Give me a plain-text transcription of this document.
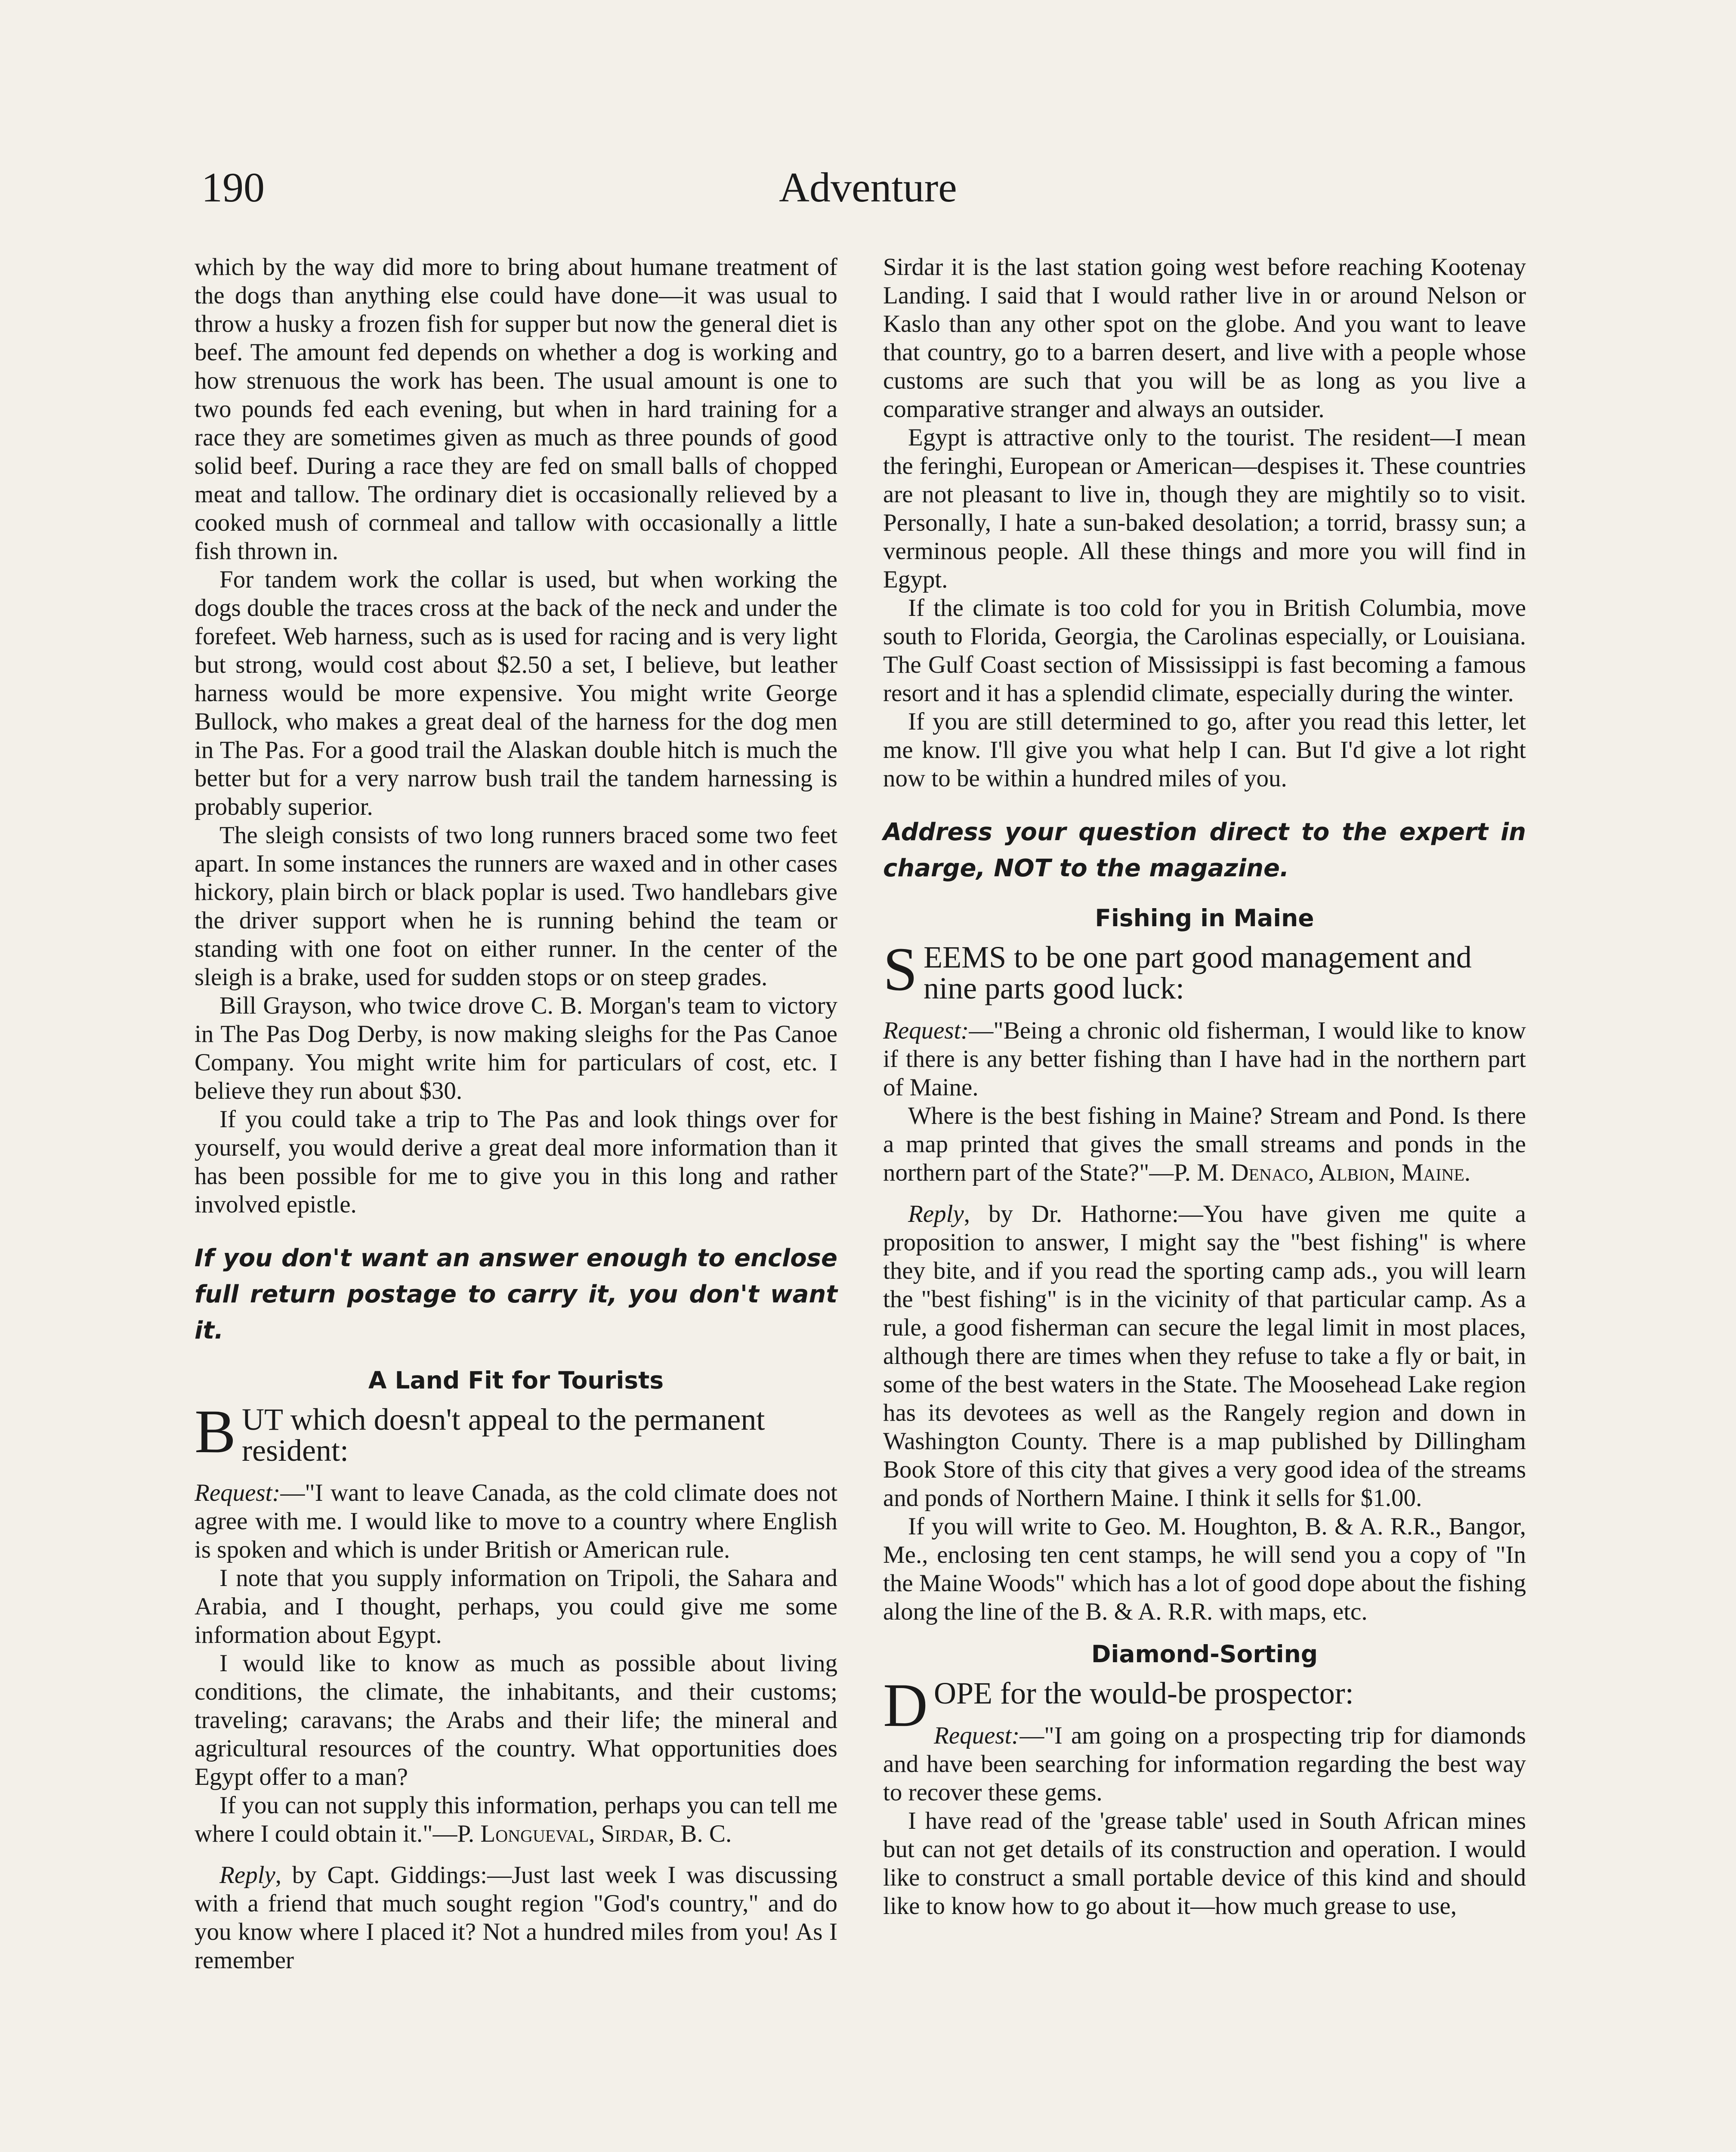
190	Adventure

which by the way did more to bring about humane treatment of the dogs than anything else could have done—it was usual to throw a husky a frozen fish for supper but now the general diet is beef. The amount fed depends on whether a dog is working and how strenuous the work has been. The usual amount is one to two pounds fed each evening, but when in hard training for a race they are sometimes given as much as three pounds of good solid beef. During a race they are fed on small balls of chopped meat and tallow. The ordinary diet is occasionally relieved by a cooked mush of cornmeal and tallow with occasionally a little fish thrown in.

For tandem work the collar is used, but when working the dogs double the traces cross at the back of the neck and under the forefeet. Web harness, such as is used for racing and is very light but strong, would cost about $2.50 a set, I believe, but leather harness would be more expensive. You might write George Bullock, who makes a great deal of the harness for the dog men in The Pas. For a good trail the Alaskan double hitch is much the better but for a very narrow bush trail the tandem harnessing is probably superior.

The sleigh consists of two long runners braced some two feet apart. In some instances the runners are waxed and in other cases hickory, plain birch or black poplar is used. Two handlebars give the driver support when he is running behind the team or standing with one foot on either runner. In the center of the sleigh is a brake, used for sudden stops or on steep grades.

Bill Grayson, who twice drove C. B. Morgan's team to victory in The Pas Dog Derby, is now making sleighs for the Pas Canoe Company. You might write him for particulars of cost, etc. I believe they run about $30.

If you could take a trip to The Pas and look things over for yourself, you would derive a great deal more information than it has been possible for me to give you in this long and rather involved epistle.

If you don't want an answer enough to enclose full return postage to carry it, you don't want it.
A Land Fit for Tourists
BUT which doesn't appeal to the permanent resident:

Request:—"I want to leave Canada, as the cold climate does not agree with me. I would like to move to a country where English is spoken and which is under British or American rule.

I note that you supply information on Tripoli, the Sahara and Arabia, and I thought, perhaps, you could give me some information about Egypt.

I would like to know as much as possible about living conditions, the climate, the inhabitants, and their customs; traveling; caravans; the Arabs and their life; the mineral and agricultural resources of the country. What opportunities does Egypt offer to a man?

If you can not supply this information, perhaps you can tell me where I could obtain it."—P. Longueval, Sirdar, B. C.

Reply, by Capt. Giddings:—Just last week I was discussing with a friend that much sought region "God's country," and do you know where I placed it? Not a hundred miles from you! As I remember

Sirdar it is the last station going west before reaching Kootenay Landing. I said that I would rather live in or around Nelson or Kaslo than any other spot on the globe. And you want to leave that country, go to a barren desert, and live with a people whose customs are such that you will be as long as you live a comparative stranger and always an outsider.

Egypt is attractive only to the tourist. The resident—I mean the feringhi, European or American—despises it. These countries are not pleasant to live in, though they are mightily so to visit. Personally, I hate a sun-baked desolation; a torrid, brassy sun; a verminous people. All these things and more you will find in Egypt.

If the climate is too cold for you in British Columbia, move south to Florida, Georgia, the Carolinas especially, or Louisiana. The Gulf Coast section of Mississippi is fast becoming a famous resort and it has a splendid climate, especially during the winter.

If you are still determined to go, after you read this letter, let me know. I'll give you what help I can. But I'd give a lot right now to be within a hundred miles of you.

Address your question direct to the expert in charge, NOT to the magazine.
Fishing in Maine
SEEMS to be one part good management and nine parts good luck:

Request:—"Being a chronic old fisherman, I would like to know if there is any better fishing than I have had in the northern part of Maine.

Where is the best fishing in Maine? Stream and Pond. Is there a map printed that gives the small streams and ponds in the northern part of the State?"—P. M. Denaco, Albion, Maine.

Reply, by Dr. Hathorne:—You have given me quite a proposition to answer, I might say the "best fishing" is where they bite, and if you read the sporting camp ads., you will learn the "best fishing" is in the vicinity of that particular camp. As a rule, a good fisherman can secure the legal limit in most places, although there are times when they refuse to take a fly or bait, in some of the best waters in the State. The Moosehead Lake region has its devotees as well as the Rangely region and down in Washington County. There is a map published by Dillingham Book Store of this city that gives a very good idea of the streams and ponds of Northern Maine. I think it sells for $1.00.

If you will write to Geo. M. Houghton, B. & A. R.R., Bangor, Me., enclosing ten cent stamps, he will send you a copy of "In the Maine Woods" which has a lot of good dope about the fishing along the line of the B. & A. R.R. with maps, etc.

Diamond-Sorting
DOPE for the would-be prospector:

Request:—"I am going on a prospecting trip for diamonds and have been searching for information regarding the best way to recover these gems.

I have read of the 'grease table' used in South African mines but can not get details of its construction and operation. I would like to construct a small portable device of this kind and should like to know how to go about it—how much grease to use,
